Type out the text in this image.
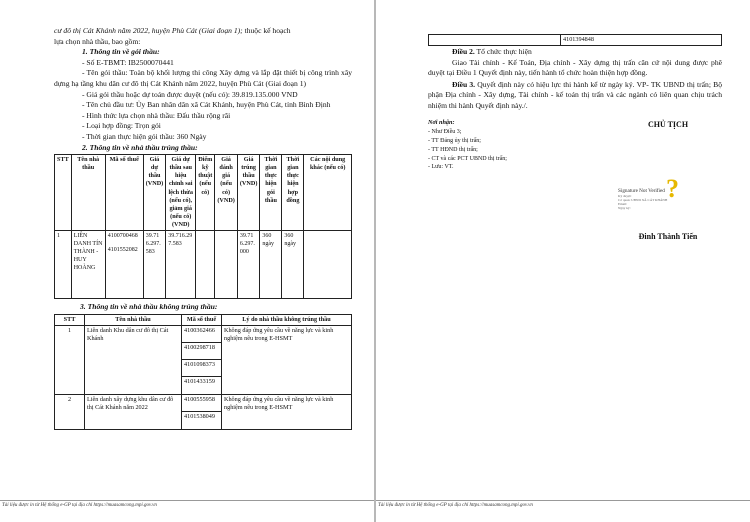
cư đô thị Cát Khánh năm 2022, huyện Phù Cát (Giai đoạn 1); thuộc kế hoạch

lựa chọn nhà thầu, bao gồm:

1. Thông tin về gói thầu:

- Số E-TBMT: IB2500070441

- Tên gói thầu: Toàn bộ khối lượng thi công Xây dựng và lắp đặt thiết bị công trình xây dựng hạ tầng khu dân cư đô thị Cát Khánh năm 2022, huyện Phù Cát (Giai đoạn 1)

- Giá gói thầu hoặc dự toán được duyệt (nếu có): 39.819.135.000 VND

- Tên chủ đầu tư: Ủy Ban nhân dân xã Cát Khánh, huyện Phù Cát, tỉnh Bình Định

- Hình thức lựa chọn nhà thầu: Đấu thầu rộng rãi

- Loại hợp đồng: Trọn gói

- Thời gian thực hiện gói thầu: 360 Ngày

2. Thông tin về nhà thầu trúng thầu:

STT	Tên nhà thầu	Mã số thuế	Giá dự thầu (VND)	Giá dự thầu sau hiệu chỉnh sai lệch thừa (nếu có), giảm giá (nếu có) (VND)	Điểm kỹ thuật (nếu có)	Giá đánh giá (nếu có) (VND)	Giá trúng thầu (VND)	Thời gian thực hiện gói thầu	Thời gian thực hiện hợp đồng	Các nội dung khác (nếu có)
1	LIÊN DANH TÍN THÀNH - HUY HOÀNG	4100700468
4101552082	39.716.297.583	39.716.297.583			39.716.297.000	360 ngày	360 ngày	

3. Thông tin về nhà thầu không trúng thầu:

STT	Tên nhà thầu	Mã số thuế	Lý do nhà thầu không trúng thầu
1	Liên danh Khu dân cư đô thị Cát Khánh	4100362466
4100298718
4101098373
4101433159	Không đáp ứng yêu cầu về năng lực và kinh nghiệm nêu trong E-HSMT
2	Liên danh xây dựng khu dân cư đô thị Cát Khánh năm 2022	4100555958
4101538049	Không đáp ứng yêu cầu về năng lực và kinh nghiệm nêu trong E-HSMT
Tài liệu được in từ Hệ thống e-GP tại địa chỉ https://muasamcong.mpi.gov.vn
	4101394848

Điều 2. Tổ chức thực hiện

Giao Tài chính - Kế Toán, Địa chính - Xây dựng thị trấn căn cứ nội dung được phê duyệt tại Điều 1 Quyết định này, tiến hành tổ chức hoàn thiện hợp đồng.

Điều 3. Quyết định này có hiệu lực thi hành kể từ ngày ký. VP- TK UBND thị trấn; Bộ phận Địa chính - Xây dựng, Tài chính - kế toán thị trấn và các ngành có liên quan chịu trách nhiệm thi hành Quyết định này./.

Nơi nhận:

- Như Điều 3;

- TT Đảng ủy thị trấn;

- TT HĐND thị trấn;

- CT và các PCT UBND thị trấn;

- Lưu: VT.

CHỦ TỊCH
Signature Not Verified
Ký duyệt:
Cơ quan: UBND XÃ CÁT KHÁNH
Email:
Ngày ký:
?
Đinh Thành Tiến
Tài liệu được in từ Hệ thống e-GP tại địa chỉ https://muasamcong.mpi.gov.vn
